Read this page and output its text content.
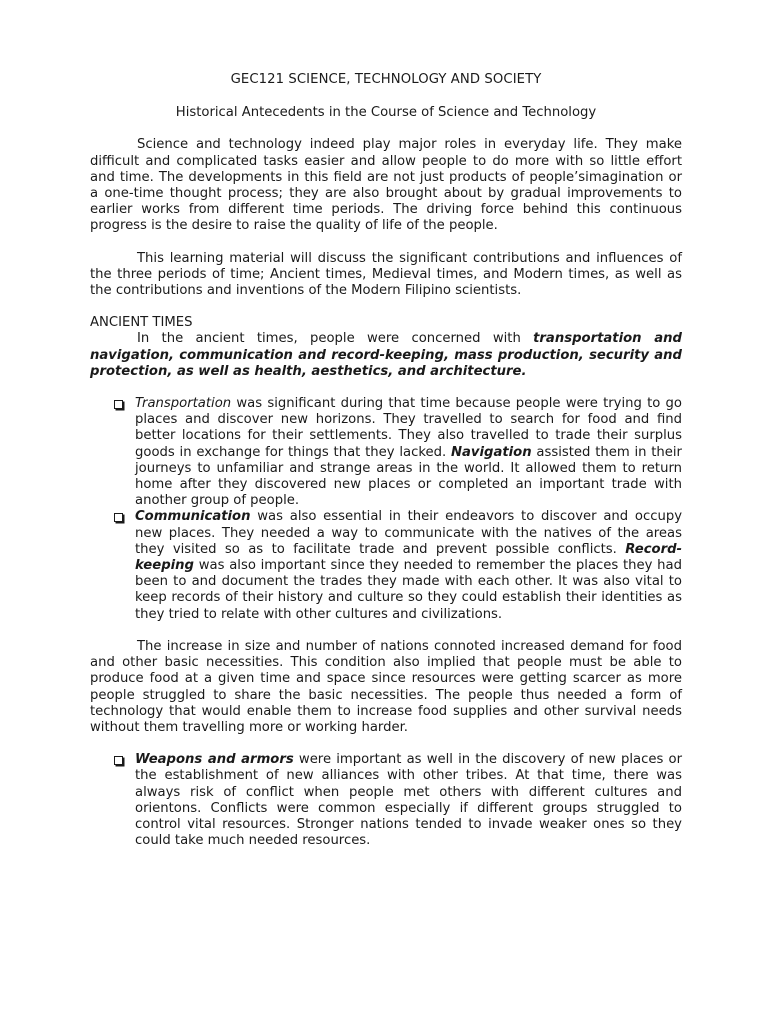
GEC121 SCIENCE, TECHNOLOGY AND SOCIETY
Historical Antecedents in the Course of Science and Technology

Science and technology indeed play major roles in everyday life. They make difficult and complicated tasks easier and allow people to do more with so little effort and time. The developments in this field are not just products of people’simagination or a one-time thought process; they are also brought about by gradual improvements to earlier works from different time periods. The driving force behind this continuous progress is the desire to raise the quality of life of the people.

This learning material will discuss the significant contributions and influences of the three periods of time; Ancient times, Medieval times, and Modern times, as well as the contributions and inventions of the Modern Filipino scientists.

ANCIENT TIMES

In the ancient times, people were concerned with transportation and navigation, communication and record-keeping, mass production, security and protection, as well as health, aesthetics, and architecture.

Transportation was significant during that time because people were trying to go places and discover new horizons. They travelled to search for food and find better locations for their settlements. They also travelled to trade their surplus goods in exchange for things that they lacked. Navigation assisted them in their journeys to unfamiliar and strange areas in the world. It allowed them to return home after they discovered new places or completed an important trade with another group of people.
Communication was also essential in their endeavors to discover and occupy new places. They needed a way to communicate with the natives of the areas they visited so as to facilitate trade and prevent possible conflicts. Record-keeping was also important since they needed to remember the places they had been to and document the trades they made with each other. It was also vital to keep records of their history and culture so they could establish their identities as they tried to relate with other cultures and civilizations.

The increase in size and number of nations connoted increased demand for food and other basic necessities. This condition also implied that people must be able to produce food at a given time and space since resources were getting scarcer as more people struggled to share the basic necessities. The people thus needed a form of technology that would enable them to increase food supplies and other survival needs without them travelling more or working harder.

Weapons and armors were important as well in the discovery of new places or the establishment of new alliances with other tribes. At that time, there was always risk of conflict when people met others with different cultures and orientons. Conflicts were common especially if different groups struggled to control vital resources. Stronger nations tended to invade weaker ones so they could take much needed resources.
